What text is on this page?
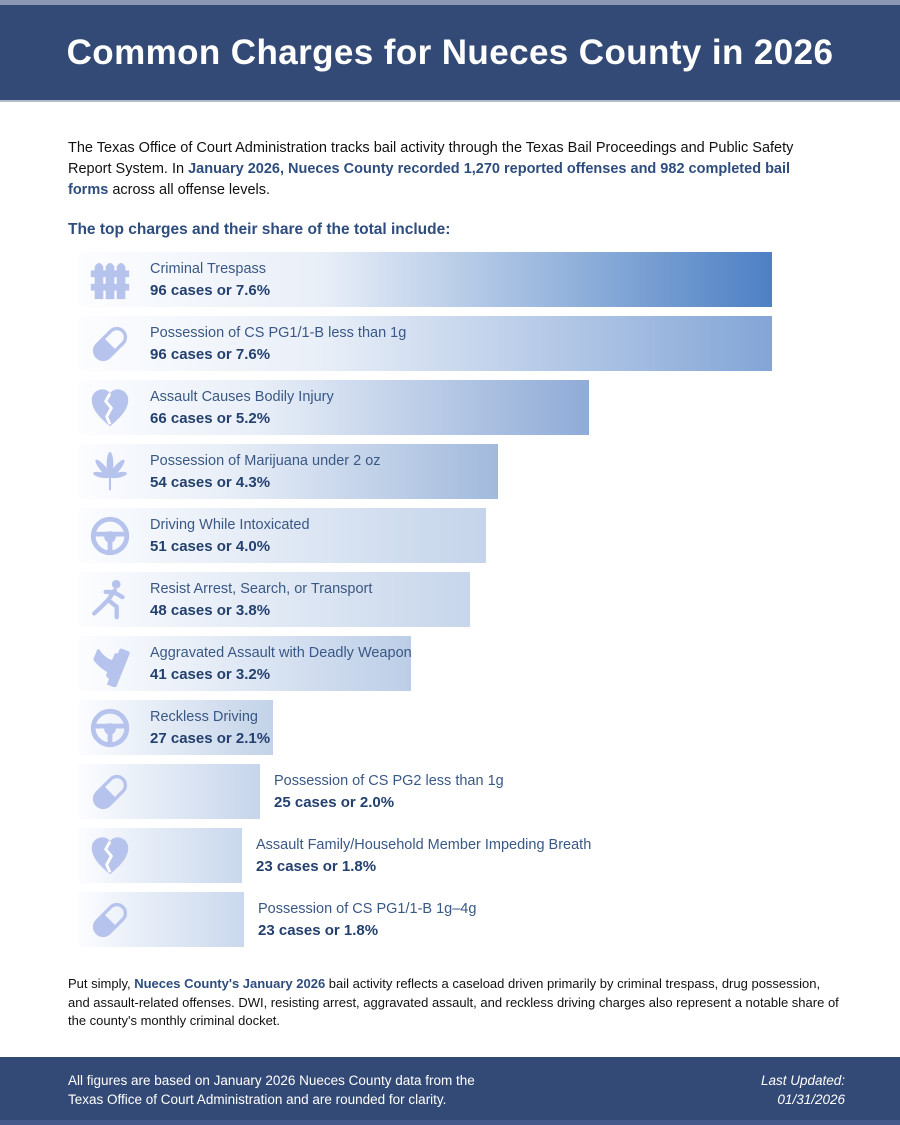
Common Charges for Nueces County in 2026

The Texas Office of Court Administration tracks bail activity through the Texas Bail Proceedings and Public Safety Report System. In January 2026, Nueces County recorded 1,270 reported offenses and 982 completed bail forms across all offense levels.

The top charges and their share of the total include:
Criminal Trespass
96 cases or 7.6%
Possession of CS PG1/1-B less than 1g
96 cases or 7.6%
Assault Causes Bodily Injury
66 cases or 5.2%
Possession of Marijuana under 2 oz
54 cases or 4.3%
Driving While Intoxicated
51 cases or 4.0%
Resist Arrest, Search, or Transport
48 cases or 3.8%
Aggravated Assault with Deadly Weapon
41 cases or 3.2%
Reckless Driving
27 cases or 2.1%
Possession of CS PG2 less than 1g
25 cases or 2.0%
Assault Family/Household Member Impeding Breath
23 cases or 1.8%
Possession of CS PG1/1-B 1g–4g
23 cases or 1.8%

Put simply, Nueces County's January 2026 bail activity reflects a caseload driven primarily by criminal trespass, drug possession, and assault-related offenses. DWI, resisting arrest, aggravated assault, and reckless driving charges also represent a notable share of the county's monthly criminal docket.

All figures are based on January 2026 Nueces County data from the
Texas Office of Court Administration and are rounded for clarity.
Last Updated:
01/31/2026
